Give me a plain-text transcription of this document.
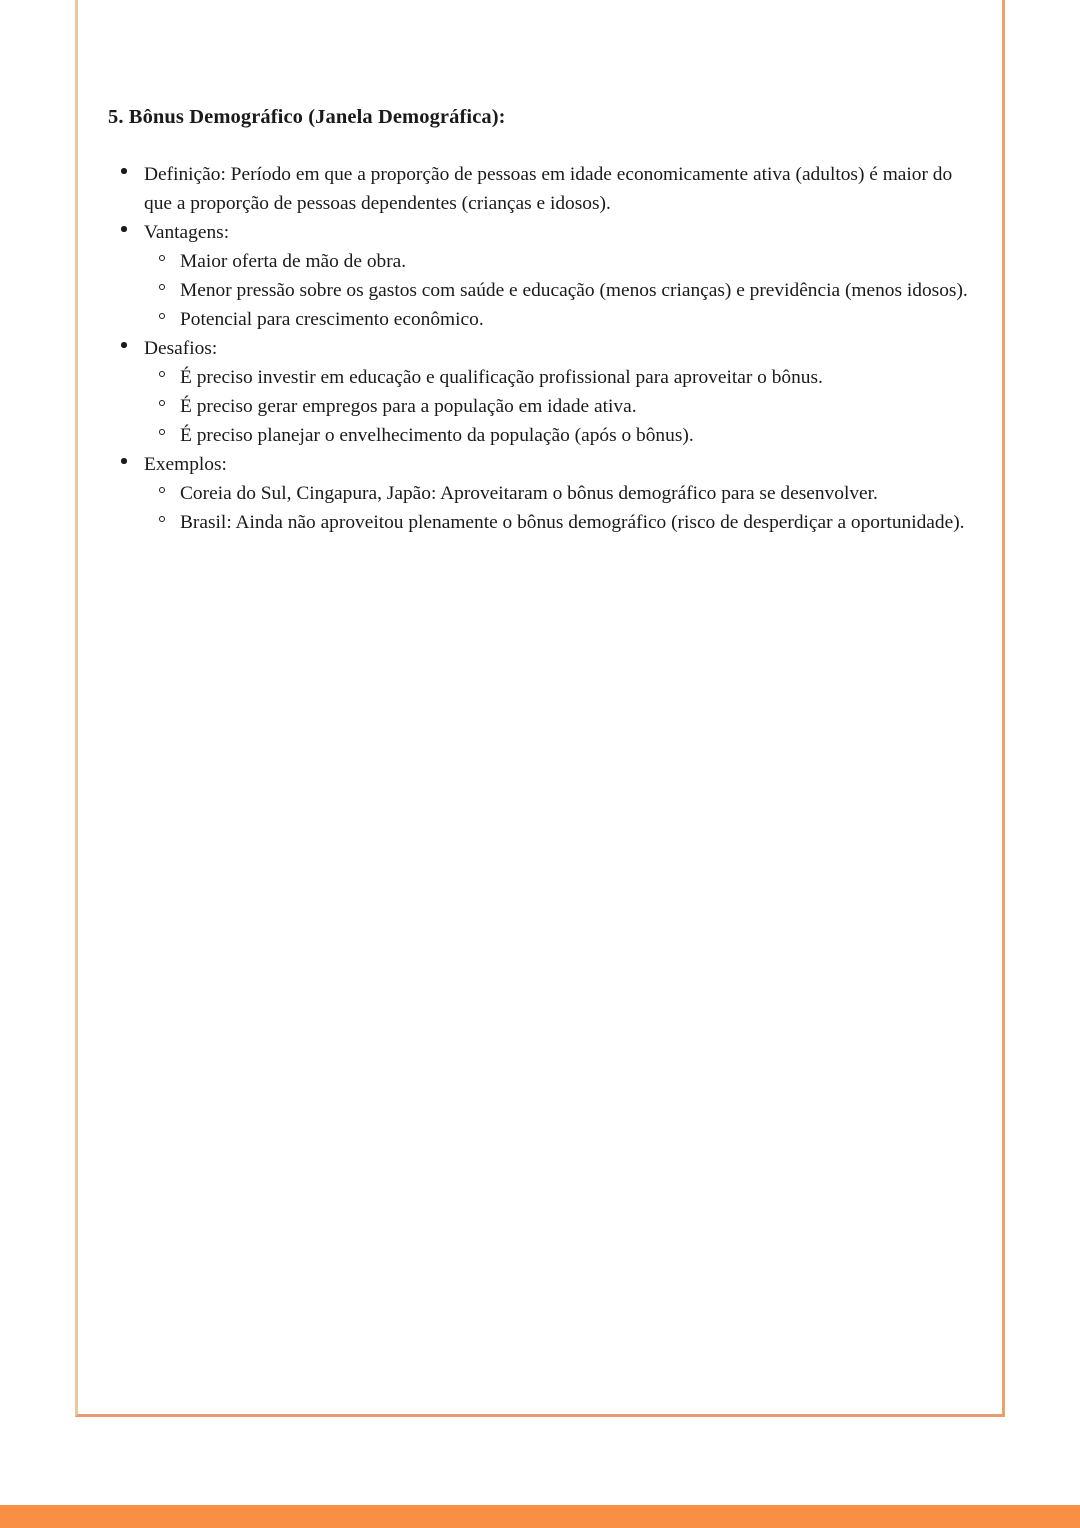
5. Bônus Demográfico (Janela Demográfica):
Definição: Período em que a proporção de pessoas em idade economicamente ativa (adultos) é maior do que a proporção de pessoas dependentes (crianças e idosos).
Vantagens:
Maior oferta de mão de obra.
Menor pressão sobre os gastos com saúde e educação (menos crianças) e previdência (menos idosos).
Potencial para crescimento econômico.
Desafios:
É preciso investir em educação e qualificação profissional para aproveitar o bônus.
É preciso gerar empregos para a população em idade ativa.
É preciso planejar o envelhecimento da população (após o bônus).
Exemplos:
Coreia do Sul, Cingapura, Japão: Aproveitaram o bônus demográfico para se desenvolver.
Brasil: Ainda não aproveitou plenamente o bônus demográfico (risco de desperdiçar a oportunidade).
